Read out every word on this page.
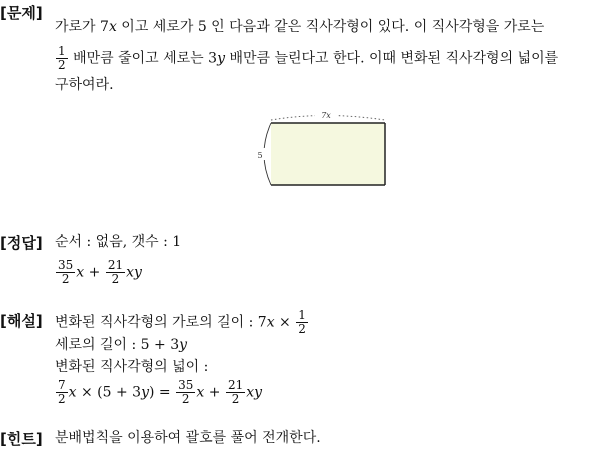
[문제]
가로가 7x 이고 세로가 5 인 다음과 같은 직사각형이 있다. 이 직사각형을 가로는
$\frac{1}{2}$ 배만큼 줄이고 세로는 3y 배만큼 늘린다고 한다. 이때 변화된 직사각형의 넓이를
구하여라.
7x
5
[정답] 순서 : 없음, 갯수 : 1
$\frac{35}{2}$ $x + \frac{21}{2}$ xy
[해설] 변화된 직사각형의 가로의 길이 : $7x \times \frac{1}{2}$
세로의 길이 : 5 + 3y
변화된 직사각형의 넓이 :
$\frac{7}{2}$ $x \times (5 + 3y) = \frac{35}{2}$ $x + \frac{21}{2}$ xy
[힌트] 분배법칙을 이용하여 괄호를 풀어 전개한다.
